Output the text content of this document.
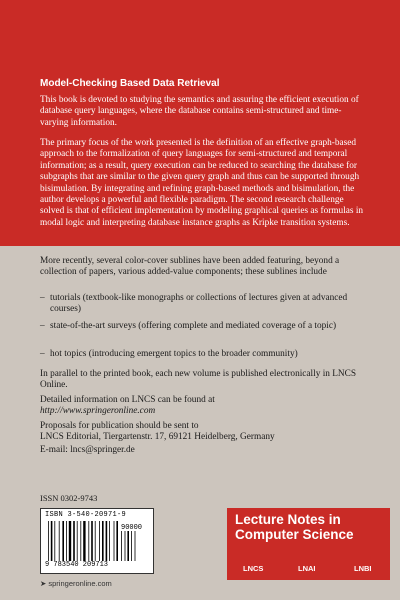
Model-Checking Based Data Retrieval

This book is devoted to studying the semantics and assuring the efficient execution of database query languages, where the database contains semi-structured and time-varying information.

The primary focus of the work presented is the definition of an effective graph-based approach to the formalization of query languages for semi-structured and temporal information; as a result, query execution can be reduced to searching the database for subgraphs that are similar to the given query graph and thus can be supported through bisimulation. By integrating and refining graph-based methods and bisimulation, the author develops a powerful and flexible paradigm. The second research challenge solved is that of efficient implementation by modeling graphical queries as formulas in modal logic and interpreting database instance graphs as Kripke transition systems.

More recently, several color-cover sublines have been added featuring, beyond a collection of papers, various added-value components; these sublines include

– tutorials (textbook-like monographs or collections of lectures given at advanced courses)

– state-of-the-art surveys (offering complete and mediated coverage of a topic)

– hot topics (introducing emergent topics to the broader community)

In parallel to the printed book, each new volume is published electronically in LNCS Online.

Detailed information on LNCS can be found at
http://www.springeronline.com

Proposals for publication should be sent to
LNCS Editorial, Tiergartenstr. 17, 69121 Heidelberg, Germany

E-mail: lncs@springer.de
ISSN 0302-9743
ISBN 3-540-20971-9
90000
9 783540 209713
➤ springeronline.com
Lecture Notes in Computer Science
LNCS	LNAI	LNBI
